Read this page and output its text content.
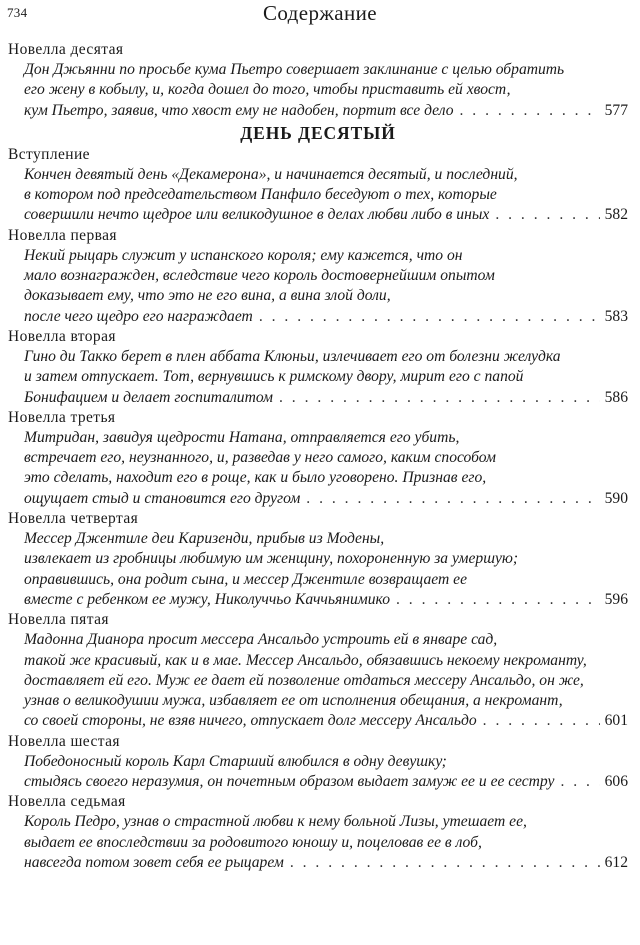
734	Содержание
Новелла десятая
Дон Джьянни по просьбе кума Пьетро совершает заклинание с целью обратить
его жену в кобылу, и, когда дошел до того, чтобы приставить ей хвост,
кум Пьетро, заявив, что хвост ему не надобен, портит все дело . . .	577
ДЕНЬ ДЕСЯТЫЙ
Вступление
Кончен девятый день «Декамерона», и начинается десятый, и последний,
в котором под председательством Панфило беседуют о тех, которые
совершили нечто щедрое или великодушное в делах любви либо в иных . . .	582
Новелла первая
Некий рыцарь служит у испанского короля; ему кажется, что он
мало вознагражден, вследствие чего король достовернейшим опытом
доказывает ему, что это не его вина, а вина злой доли,
после чего щедро его награждает . . .	583
Новелла вторая
Гино ди Такко берет в плен аббата Клюньи, излечивает его от болезни желудка
и затем отпускает. Тот, вернувшись к римскому двору, мирит его с папой
Бонифацием и делает госпиталитом . . .	586
Новелла третья
Митридан, завидуя щедрости Натана, отправляется его убить,
встречает его, неузнанного, и, разведав у него самого, каким способом
это сделать, находит его в роще, как и было уговорено. Признав его,
ощущает стыд и становится его другом . . .	590
Новелла четвертая
Мессер Джентиле деи Каризенди, прибыв из Модены,
извлекает из гробницы любимую им женщину, похороненную за умершую;
оправившись, она родит сына, и мессер Джентиле возвращает ее
вместе с ребенком ее мужу, Николуччьо Каччьянимико . . .	596
Новелла пятая
Мадонна Дианора просит мессера Ансальдо устроить ей в январе сад,
такой же красивый, как и в мае. Мессер Ансальдо, обязавшись некоему некроманту,
доставляет ей его. Муж ее дает ей позволение отдаться мессеру Ансальдо, он же,
узнав о великодушии мужа, избавляет ее от исполнения обещания, а некромант,
со своей стороны, не взяв ничего, отпускает долг мессеру Ансальдо . . .	601
Новелла шестая
Победоносный король Карл Старший влюбился в одну девушку;
стыдясь своего неразумия, он почетным образом выдает замуж ее и ее сестру . . .	606
Новелла седьмая
Король Педро, узнав о страстной любви к нему больной Лизы, утешает ее,
выдает ее впоследствии за родовитого юношу и, поцеловав ее в лоб,
навсегда потом зовет себя ее рыцарем . . .	612
